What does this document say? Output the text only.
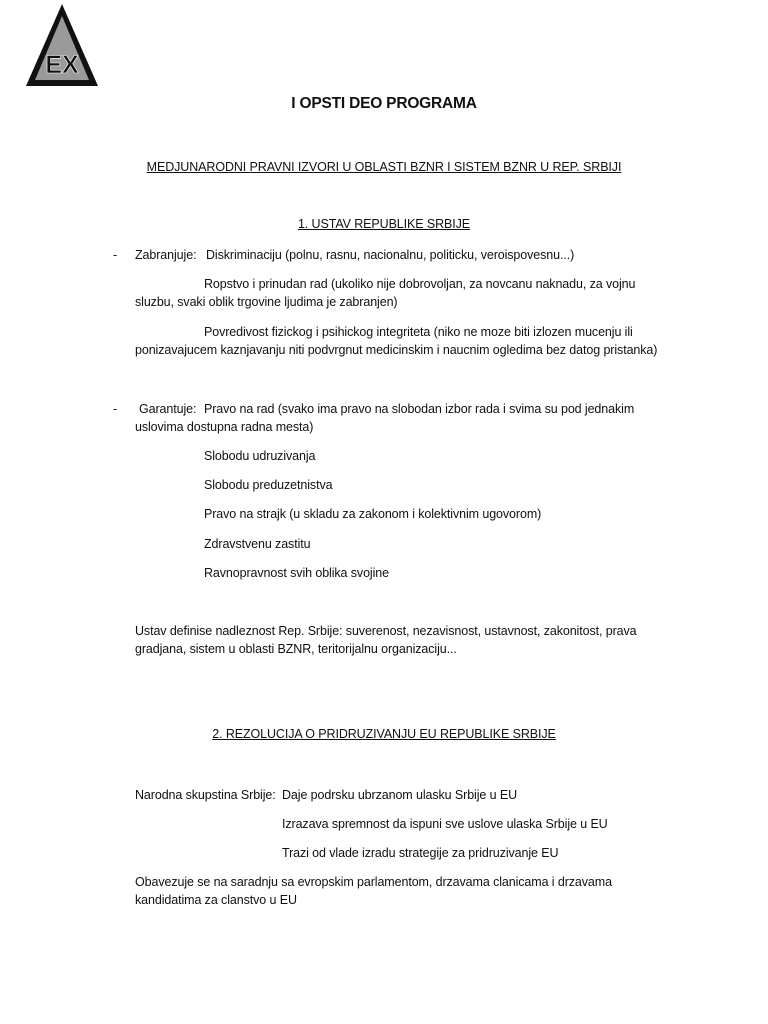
EX
I OPSTI DEO PROGRAMA
MEDJUNARODNI PRAVNI IZVORI U OBLASTI BZNR I SISTEM BZNR U REP. SRBIJI
1. USTAV REPUBLIKE SRBIJE
- Zabranjuje: Diskriminaciju (polnu, rasnu, nacionalnu, politicku, veroispovesnu...)
Ropstvo i prinudan rad (ukoliko nije dobrovoljan, za novcanu naknadu, za vojnu
sluzbu, svaki oblik trgovine ljudima je zabranjen)
Povredivost fizickog i psihickog integriteta (niko ne moze biti izlozen mucenju ili
ponizavajucem kaznjavanju niti podvrgnut medicinskim i naucnim ogledima bez datog pristanka)
- Garantuje: Pravo na rad (svako ima pravo na slobodan izbor rada i svima su pod jednakim
uslovima dostupna radna mesta)
Slobodu udruzivanja
Slobodu preduzetnistva
Pravo na strajk (u skladu za zakonom i kolektivnim ugovorom)
Zdravstvenu zastitu
Ravnopravnost svih oblika svojine
Ustav definise nadleznost Rep. Srbije: suverenost, nezavisnost, ustavnost, zakonitost, prava
gradjana, sistem u oblasti BZNR, teritorijalnu organizaciju...
2. REZOLUCIJA O PRIDRUZIVANJU EU REPUBLIKE SRBIJE
Narodna skupstina Srbije: Daje podrsku ubrzanom ulasku Srbije u EU
Izrazava spremnost da ispuni sve uslove ulaska Srbije u EU
Trazi od vlade izradu strategije za pridruzivanje EU
Obavezuje se na saradnju sa evropskim parlamentom, drzavama clanicama i drzavama
kandidatima za clanstvo u EU
